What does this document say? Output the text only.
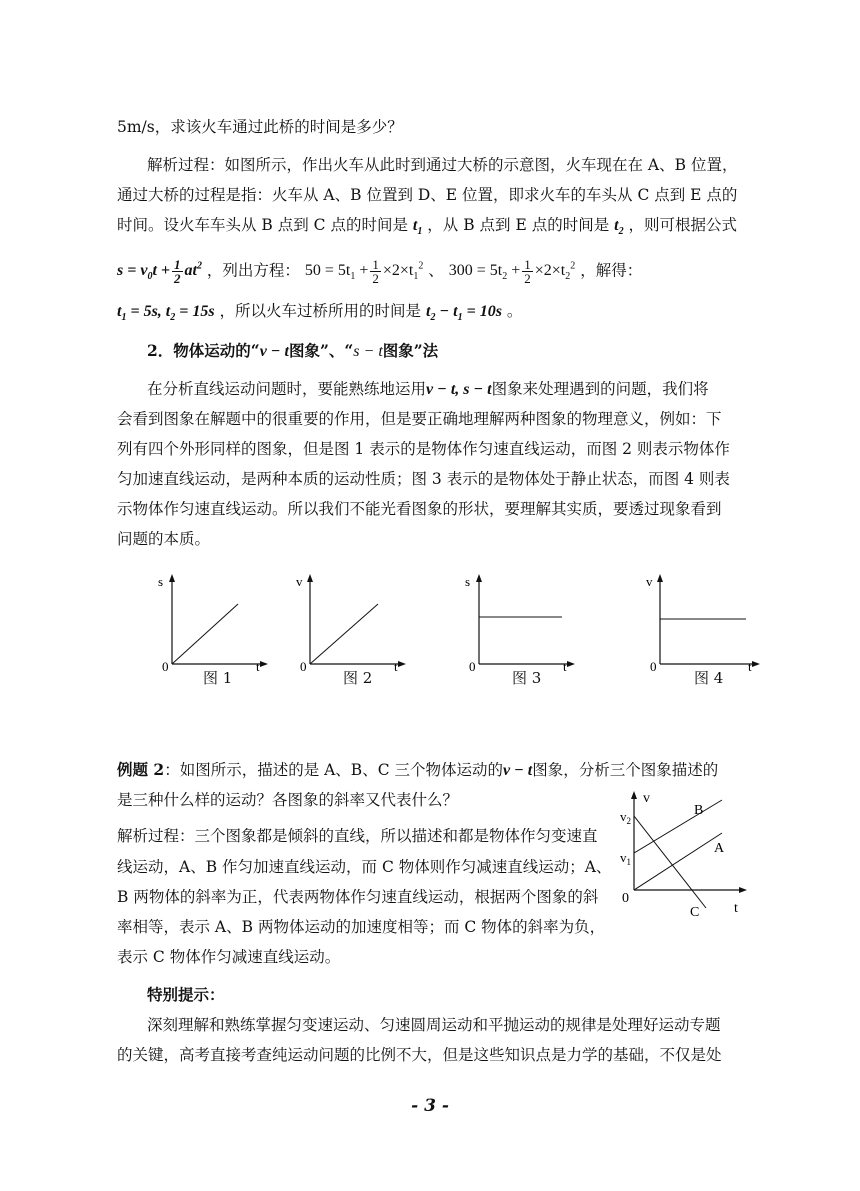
5m/s，求该火车通过此桥的时间是多少？
解析过程：如图所示，作出火车从此时到通过大桥的示意图，火车现在在 A、B 位置，
通过大桥的过程是指：火车从 A、B 位置到 D、E 位置，即求火车的车头从 C 点到 E 点的
时间。设火车车头从 B 点到 C 点的时间是 $t_1$ ，从 B 点到 E 点的时间是 $t_2$ ，则可根据公式
$s = v_0t + \frac{1}{2} at^2$ ，列出方程： $50 = 5t_1 + \frac{1}{2} \times 2\times t_1^2$ 、 $300 = 5t_2 + \frac{1}{2} \times 2\times t_2^2$ ，解得：
$t_1 = 5s$, $t_2 = 15s$ ，所以火车过桥所用的时间是 $t_2 - t_1 = 10s$ 。
2．物体运动的“v − t图象”、“s − t图象”法
在分析直线运动问题时，要能熟练地运用v − t, s − t图象来处理遇到的问题，我们将
会看到图象在解题中的很重要的作用，但是要正确地理解两种图象的物理意义，例如：下
列有四个外形同样的图象，但是图 1 表示的是物体作匀速直线运动，而图 2 则表示物体作
匀加速直线运动，是两种本质的运动性质；图 3 表示的是物体处于静止状态，而图 4 则表
示物体作匀速直线运动。所以我们不能光看图象的形状，要理解其实质，要透过现象看到
问题的本质。
s
0	t
图 1
v
0	t
图 2
s
0	t
图 3
v
0	t
图 4
例题 2：如图所示，描述的是 A、B、C 三个物体运动的v − t图象，分析三个图象描述的
是三种什么样的运动？各图象的斜率又代表什么？
解析过程：三个图象都是倾斜的直线，所以描述和都是物体作匀变速直
线运动，A、B 作匀加速直线运动，而 C 物体则作匀减速直线运动；A、
B 两物体的斜率为正，代表两物体作匀速直线运动，根据两个图象的斜
率相等，表示 A、B 两物体运动的加速度相等；而 C 物体的斜率为负，
表示 C 物体作匀减速直线运动。
v
t
0
$v_2$
$v_1$
B
A
C
特别提示：
深刻理解和熟练掌握匀变速运动、匀速圆周运动和平抛运动的规律是处理好运动专题
的关键，高考直接考查纯运动问题的比例不大，但是这些知识点是力学的基础，不仅是处
- 3 -
